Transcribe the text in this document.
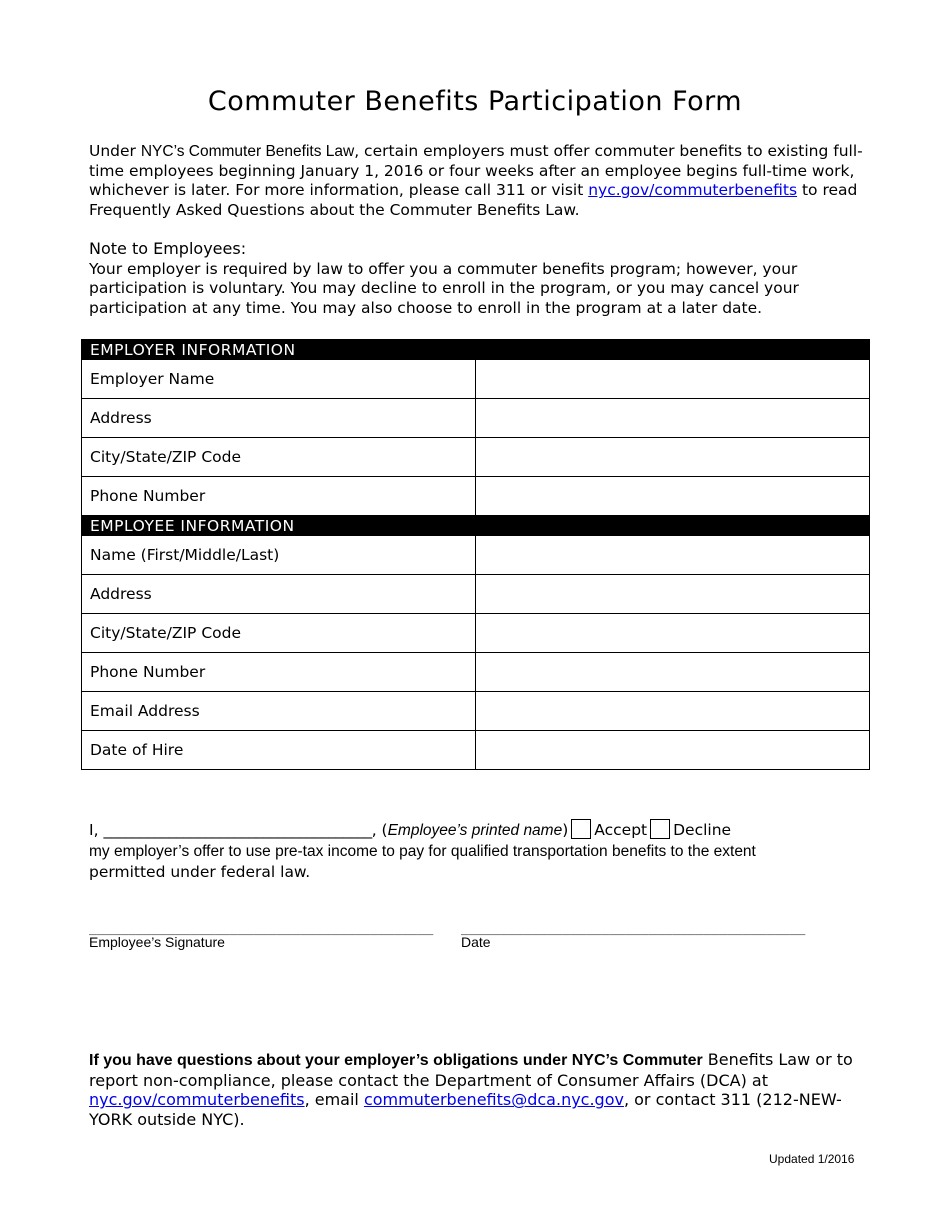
Commuter Benefits Participation Form

Under NYC’s Commuter Benefits Law, certain employers must offer commuter benefits to existing full-time employees beginning January 1, 2016 or four weeks after an employee begins full-time work, whichever is later. For more information, please call 311 or visit nyc.gov/commuterbenefits to read Frequently Asked Questions about the Commuter Benefits Law.

Note to Employees:
Your employer is required by law to offer you a commuter benefits program; however, your participation is voluntary. You may decline to enroll in the program, or you may cancel your participation at any time. You may also choose to enroll in the program at a later date.

EMPLOYER INFORMATION	
Employer Name	
Address	
City/State/ZIP Code	
Phone Number	
EMPLOYEE INFORMATION	
Name (First/Middle/Last)	
Address	
City/State/ZIP Code	
Phone Number	
Email Address	
Date of Hire	
I, _____________________________________, (Employee’s printed name) Accept Decline
my employer’s offer to use pre-tax income to pay for qualified transportation benefits to the extent
permitted under federal law.
____________________________________________ ____________________________________________
Employee’s Signature	Date

If you have questions about your employer’s obligations under NYC’s Commuter Benefits Law or to report non-compliance, please contact the Department of Consumer Affairs (DCA) at nyc.gov/commuterbenefits, email commuterbenefits@dca.nyc.gov, or contact 311 (212-NEW-YORK outside NYC).

Updated 1/2016
